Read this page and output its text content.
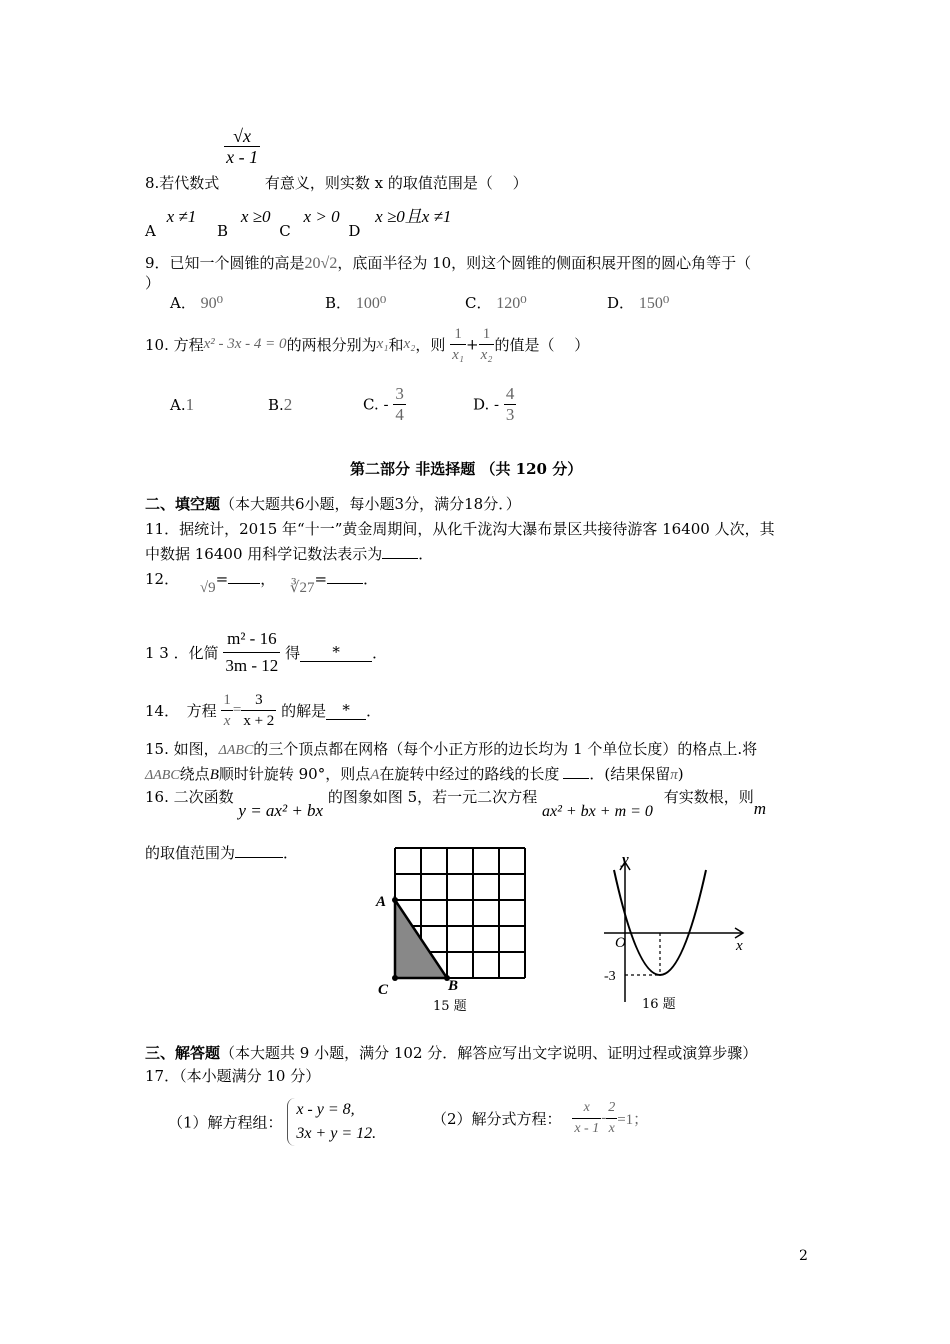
8.若代数式
$\frac{√x}{x - 1}$
有意义，则实数 x 的取值范围是（　 ）
A x ≠1 B x ≥0 C x > 0 D x ≥0且x ≠1
9．已知一个圆锥的高是20√2，底面半径为 10，则这个圆锥的侧面积展开图的圆心角等于（
）
A． 90⁰	B． 100⁰	C． 120⁰	D． 150⁰
10. 方程x² - 3x - 4 = 0的两根分别为x₁和x₂，则 $\frac{1}{\text{x₁}} + \frac{1}{\text{x₂}}$ 的值是（　 ）
A.1	B.2	C. - $\frac{3}{4}$	D. - $\frac{4}{3}$
第二部分 非选择题 （共 120 分）
二、填空题（本大题共6小题，每小题3分，满分18分．）
11．据统计，2015 年“十一”黄金周期间，从化千泷沟大瀑布景区共接待游客 16400 人次，其
中数据 16400 用科学记数法表示为 ．
12． √9= ， ∛27= ．
1 3 ．化简 $\frac{\text{m² - 16}}{3m - 12}$ 得 * ．
14．　方程 $\frac{1}{x} = \frac{3}{x + 2}$ 的解是 * ．
15. 如图，ΔABC的三个顶点都在网格（每个小正方形的边长均为 1 个单位长度）的格点上.将
ΔABC绕点B顺时针旋转 90°，则点A在旋转中经过的路线的长度 ．(结果保留π)
16. 二次函数 y = ax² + bx 的图象如图 5，若一元二次方程 ax² + bx + m = 0 有实数根，则m
的取值范围为	．
A
B
C
15 题
y
x
O
-3
16 题
三、解答题（本大题共 9 小题，满分 102 分．解答应写出文字说明、证明过程或演算步骤）
17．（本小题满分 10 分）
（1）解方程组：
x - y = 8,
3x + y = 12.
（2）解分式方程： $\frac{x}{x - 1} - \frac{2}{x} =1$；
2
